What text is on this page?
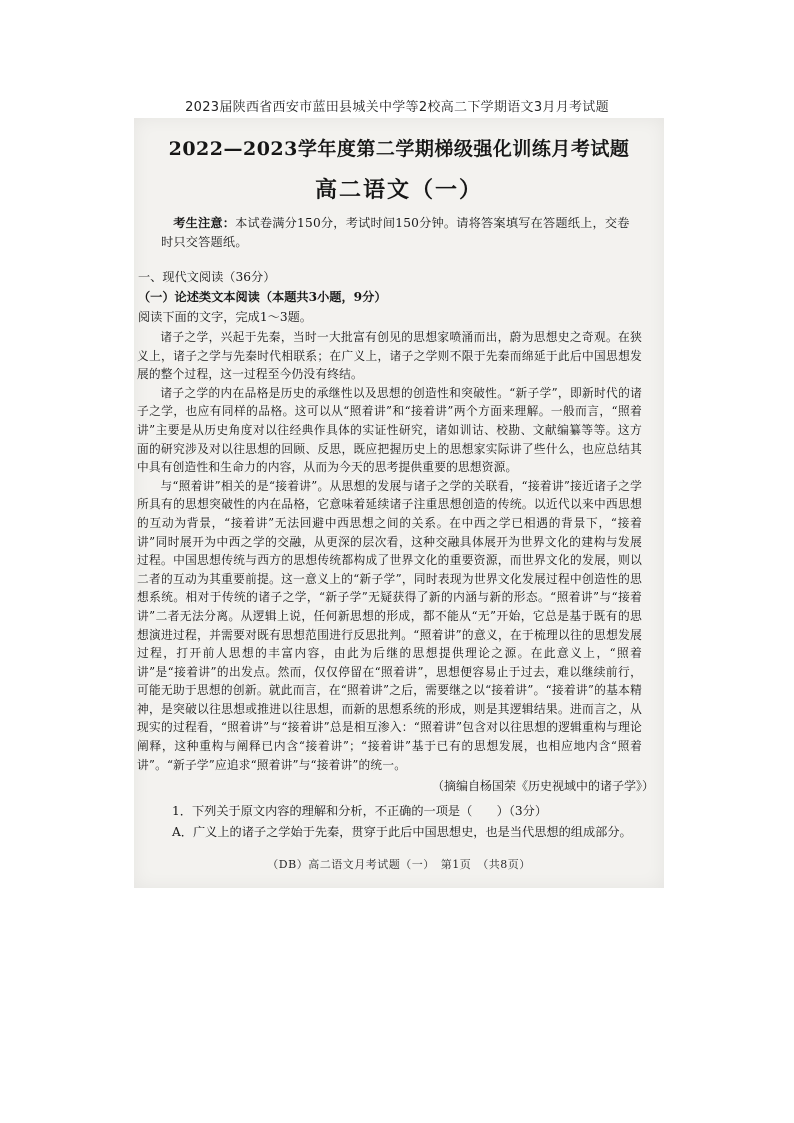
2023届陕西省西安市蓝田县城关中学等2校高二下学期语文3月月考试题
2022—2023学年度第二学期梯级强化训练月考试题
高二语文（一）
考生注意：本试卷满分150分，考试时间150分钟。请将答案填写在答题纸上，交卷时只交答题纸。
一、现代文阅读（36分）
（一）论述类文本阅读（本题共3小题，9分）
阅读下面的文字，完成1～3题。

诸子之学，兴起于先秦，当时一大批富有创见的思想家喷涌而出，蔚为思想史之奇观。在狭义上，诸子之学与先秦时代相联系；在广义上，诸子之学则不限于先秦而绵延于此后中国思想发展的整个过程，这一过程至今仍没有终结。

诸子之学的内在品格是历史的承继性以及思想的创造性和突破性。“新子学”，即新时代的诸子之学，也应有同样的品格。这可以从“照着讲”和“接着讲”两个方面来理解。一般而言，“照着讲”主要是从历史角度对以往经典作具体的实证性研究，诸如训诂、校勘、文献编纂等等。这方面的研究涉及对以往思想的回顾、反思，既应把握历史上的思想家实际讲了些什么，也应总结其中具有创造性和生命力的内容，从而为今天的思考提供重要的思想资源。

与“照着讲”相关的是“接着讲”。从思想的发展与诸子之学的关联看，“接着讲”接近诸子之学所具有的思想突破性的内在品格，它意味着延续诸子注重思想创造的传统。以近代以来中西思想的互动为背景，“接着讲”无法回避中西思想之间的关系。在中西之学已相遇的背景下，“接着讲”同时展开为中西之学的交融，从更深的层次看，这种交融具体展开为世界文化的建构与发展过程。中国思想传统与西方的思想传统都构成了世界文化的重要资源，而世界文化的发展，则以二者的互动为其重要前提。这一意义上的“新子学”，同时表现为世界文化发展过程中创造性的思想系统。相对于传统的诸子之学，“新子学”无疑获得了新的内涵与新的形态。“照着讲”与“接着讲”二者无法分离。从逻辑上说，任何新思想的形成，都不能从“无”开始，它总是基于既有的思想演进过程，并需要对既有思想范围进行反思批判。“照着讲”的意义，在于梳理以往的思想发展过程，打开前人思想的丰富内容，由此为后继的思想提供理论之源。在此意义上，“照着讲”是“接着讲”的出发点。然而，仅仅停留在“照着讲”，思想便容易止于过去，难以继续前行，可能无助于思想的创新。就此而言，在“照着讲”之后，需要继之以“接着讲”。“接着讲”的基本精神，是突破以往思想或推进以往思想，而新的思想系统的形成，则是其逻辑结果。进而言之，从现实的过程看，“照着讲”与“接着讲”总是相互渗入：“照着讲”包含对以往思想的逻辑重构与理论阐释，这种重构与阐释已内含“接着讲”；“接着讲”基于已有的思想发展，也相应地内含“照着讲”。“新子学”应追求“照着讲”与“接着讲”的统一。

（摘编自杨国荣《历史视域中的诸子学》）
1．下列关于原文内容的理解和分析，不正确的一项是（　　）（3分）
A．广义上的诸子之学始于先秦，贯穿于此后中国思想史，也是当代思想的组成部分。
（DB）高二语文月考试题（一）　第1页　（共8页）
